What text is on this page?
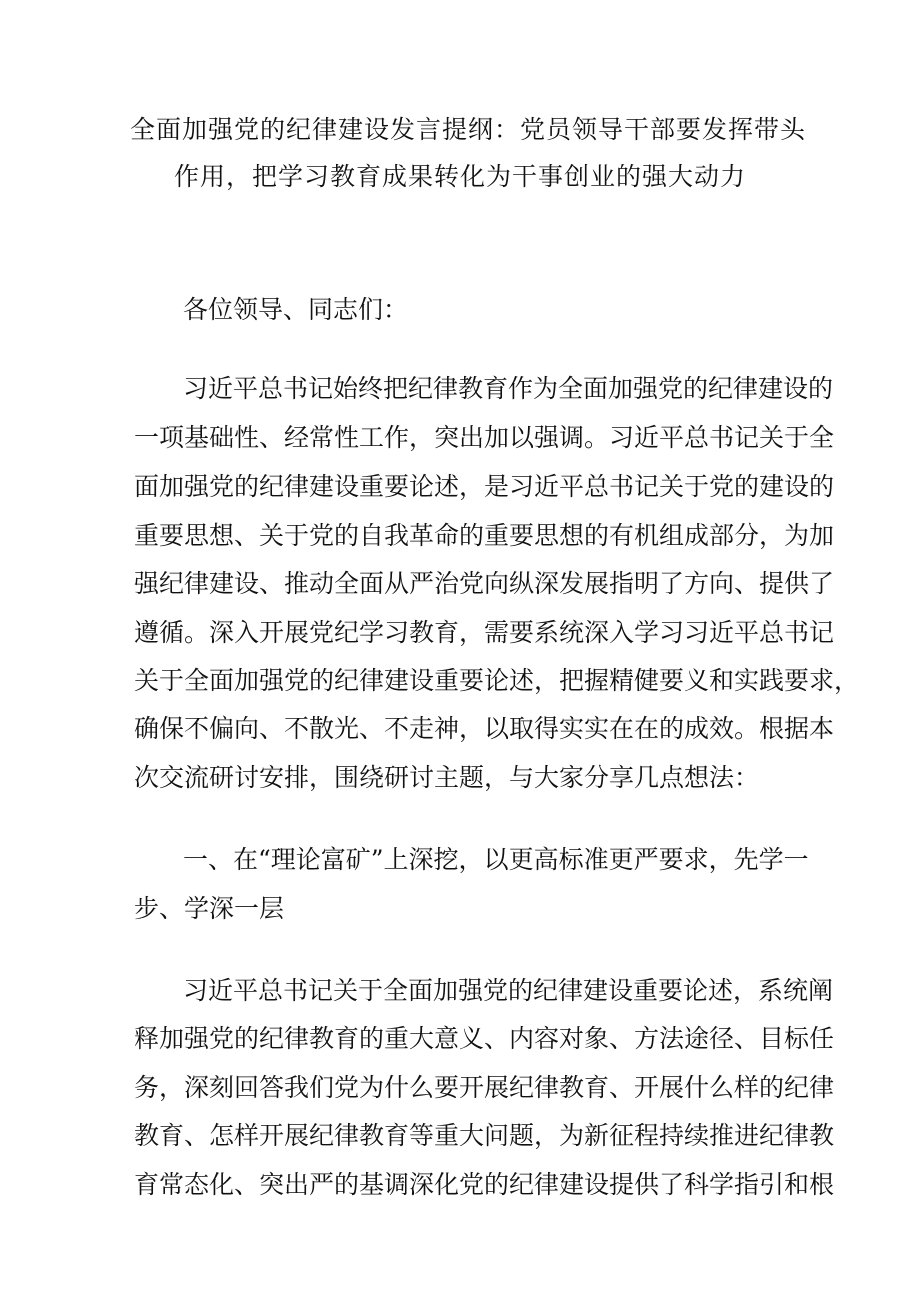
全面加强党的纪律建设发言提纲：党员领导干部要发挥带头
作用，把学习教育成果转化为干事创业的强大动力
各位领导、同志们：
习近平总书记始终把纪律教育作为全面加强党的纪律建设的
一项基础性、经常性工作，突出加以强调。习近平总书记关于全
面加强党的纪律建设重要论述，是习近平总书记关于党的建设的
重要思想、关于党的自我革命的重要思想的有机组成部分，为加
强纪律建设、推动全面从严治党向纵深发展指明了方向、提供了
遵循。深入开展党纪学习教育，需要系统深入学习习近平总书记
关于全面加强党的纪律建设重要论述，把握精健要义和实践要求，
确保不偏向、不散光、不走神，以取得实实在在的成效。根据本
次交流研讨安排，围绕研讨主题，与大家分享几点想法：
一、在“理论富矿”上深挖，以更高标准更严要求，先学一
步、学深一层
习近平总书记关于全面加强党的纪律建设重要论述，系统阐
释加强党的纪律教育的重大意义、内容对象、方法途径、目标任
务，深刻回答我们党为什么要开展纪律教育、开展什么样的纪律
教育、怎样开展纪律教育等重大问题，为新征程持续推进纪律教
育常态化、突出严的基调深化党的纪律建设提供了科学指引和根
